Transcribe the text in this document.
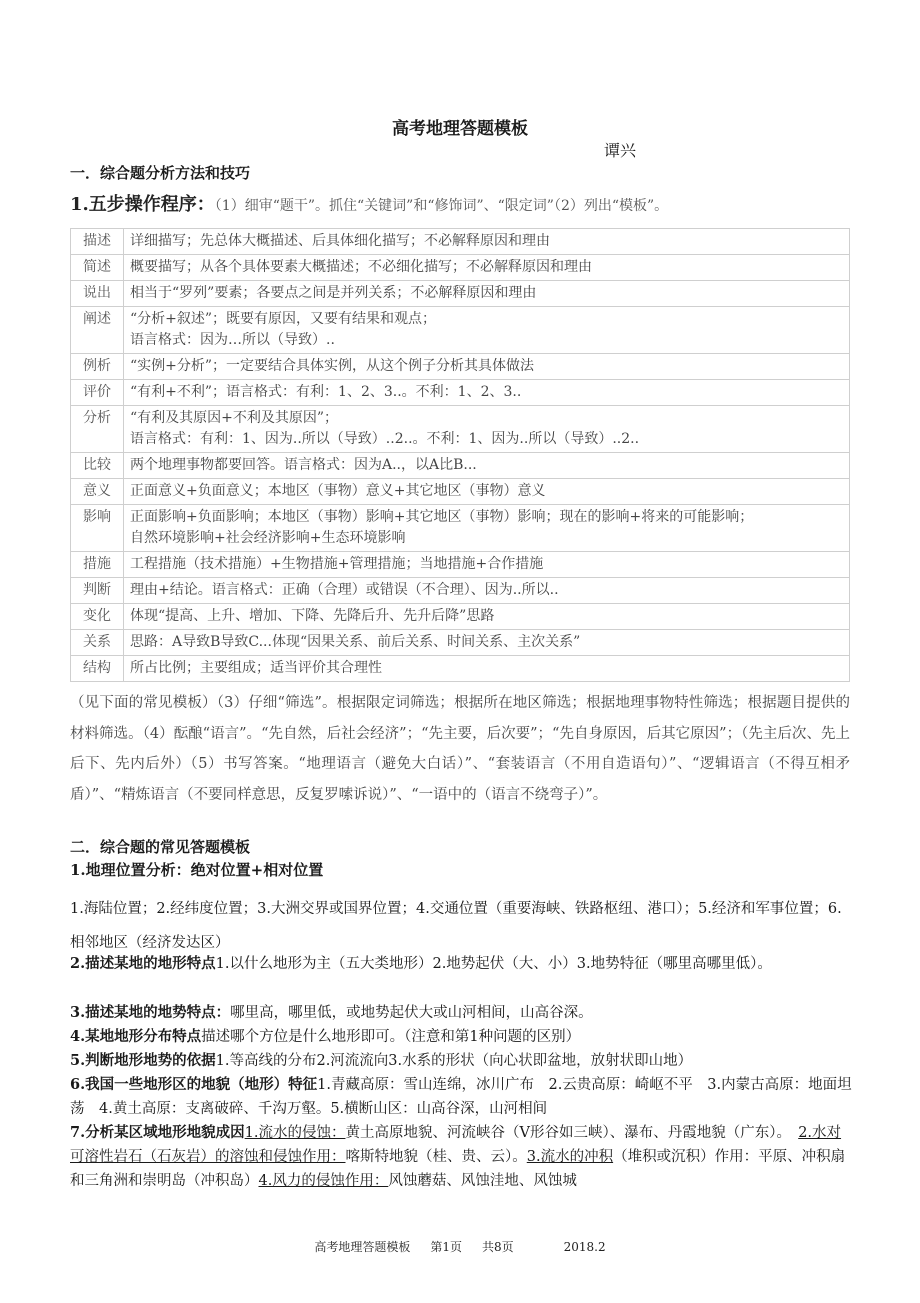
高考地理答题模板
谭兴
一．综合题分析方法和技巧
1.五步操作程序：（1）细审“题干”。抓住“关键词”和“修饰词”、“限定词”（2）列出“模板”。
描述	详细描写；先总体大概描述、后具体细化描写；不必解释原因和理由

简述	概要描写；从各个具体要素大概描述；不必细化描写；不必解释原因和理由

说出	相当于“罗列”要素；各要点之间是并列关系；不必解释原因和理由

阐述	“分析+叙述”；既要有原因，又要有结果和观点；
语言格式：因为…所以（导致）..

例析	“实例+分析”；一定要结合具体实例，从这个例子分析其具体做法

评价	“有利+不利”；语言格式：有利：1、2、3..。不利：1、2、3..

分析	“有利及其原因+不利及其原因”；
语言格式：有利：1、因为..所以（导致）..2..。不利：1、因为..所以（导致）..2..

比较	两个地理事物都要回答。语言格式：因为A..，以A比B...

意义	正面意义+负面意义；本地区（事物）意义+其它地区（事物）意义

影响	正面影响+负面影响；本地区（事物）影响+其它地区（事物）影响；现在的影响+将来的可能影响；
自然环境影响+社会经济影响+生态环境影响

措施	工程措施（技术措施）+生物措施+管理措施；当地措施+合作措施

判断	理由+结论。语言格式：正确（合理）或错误（不合理）、因为..所以..

变化	体现“提高、上升、增加、下降、先降后升、先升后降”思路

关系	思路：A导致B导致C...体现“因果关系、前后关系、时间关系、主次关系”

结构	所占比例；主要组成；适当评价其合理性
（见下面的常见模板）（3）仔细“筛选”。根据限定词筛选；根据所在地区筛选；根据地理事物特性筛选；根据题目提供的材料筛选。（4）酝酿“语言”。“先自然，后社会经济”；“先主要，后次要”；“先自身原因，后其它原因”；（先主后次、先上后下、先内后外）（5）书写答案。“地理语言（避免大白话）”、“套装语言（不用自造语句）”、“逻辑语言（不得互相矛盾）”、“精炼语言（不要同样意思，反复罗嗦诉说）”、“一语中的（语言不绕弯子）”。
二．综合题的常见答题模板
1.地理位置分析：绝对位置+相对位置
1.海陆位置；2.经纬度位置；3.大洲交界或国界位置；4.交通位置（重要海峡、铁路枢纽、港口）；5.经济和军事位置；6.相邻地区（经济发达区）
2.描述某地的地形特点1.以什么地形为主（五大类地形）2.地势起伏（大、小）3.地势特征（哪里高哪里低）。
3.描述某地的地势特点：哪里高，哪里低，或地势起伏大或山河相间，山高谷深。
4.某地地形分布特点描述哪个方位是什么地形即可。（注意和第1种问题的区别）
5.判断地形地势的依据1.等高线的分布2.河流流向3.水系的形状（向心状即盆地，放射状即山地）
6.我国一些地形区的地貌（地形）特征1.青藏高原：雪山连绵，冰川广布　2.云贵高原：崎岖不平　3.内蒙古高原：地面坦荡　4.黄土高原：支离破碎、千沟万壑。5.横断山区：山高谷深，山河相间
7.分析某区域地形地貌成因1.流水的侵蚀：黄土高原地貌、河流峡谷（V形谷如三峡）、瀑布、丹霞地貌（广东）。　2.水对可溶性岩石（石灰岩）的溶蚀和侵蚀作用：喀斯特地貌（桂、贵、云）。3.流水的冲积（堆积或沉积）作用：平原、冲积扇和三角洲和崇明岛（冲积岛）4.风力的侵蚀作用：风蚀蘑菇、风蚀洼地、风蚀城
高考地理答题模板 第1页 共8页	2018.2
